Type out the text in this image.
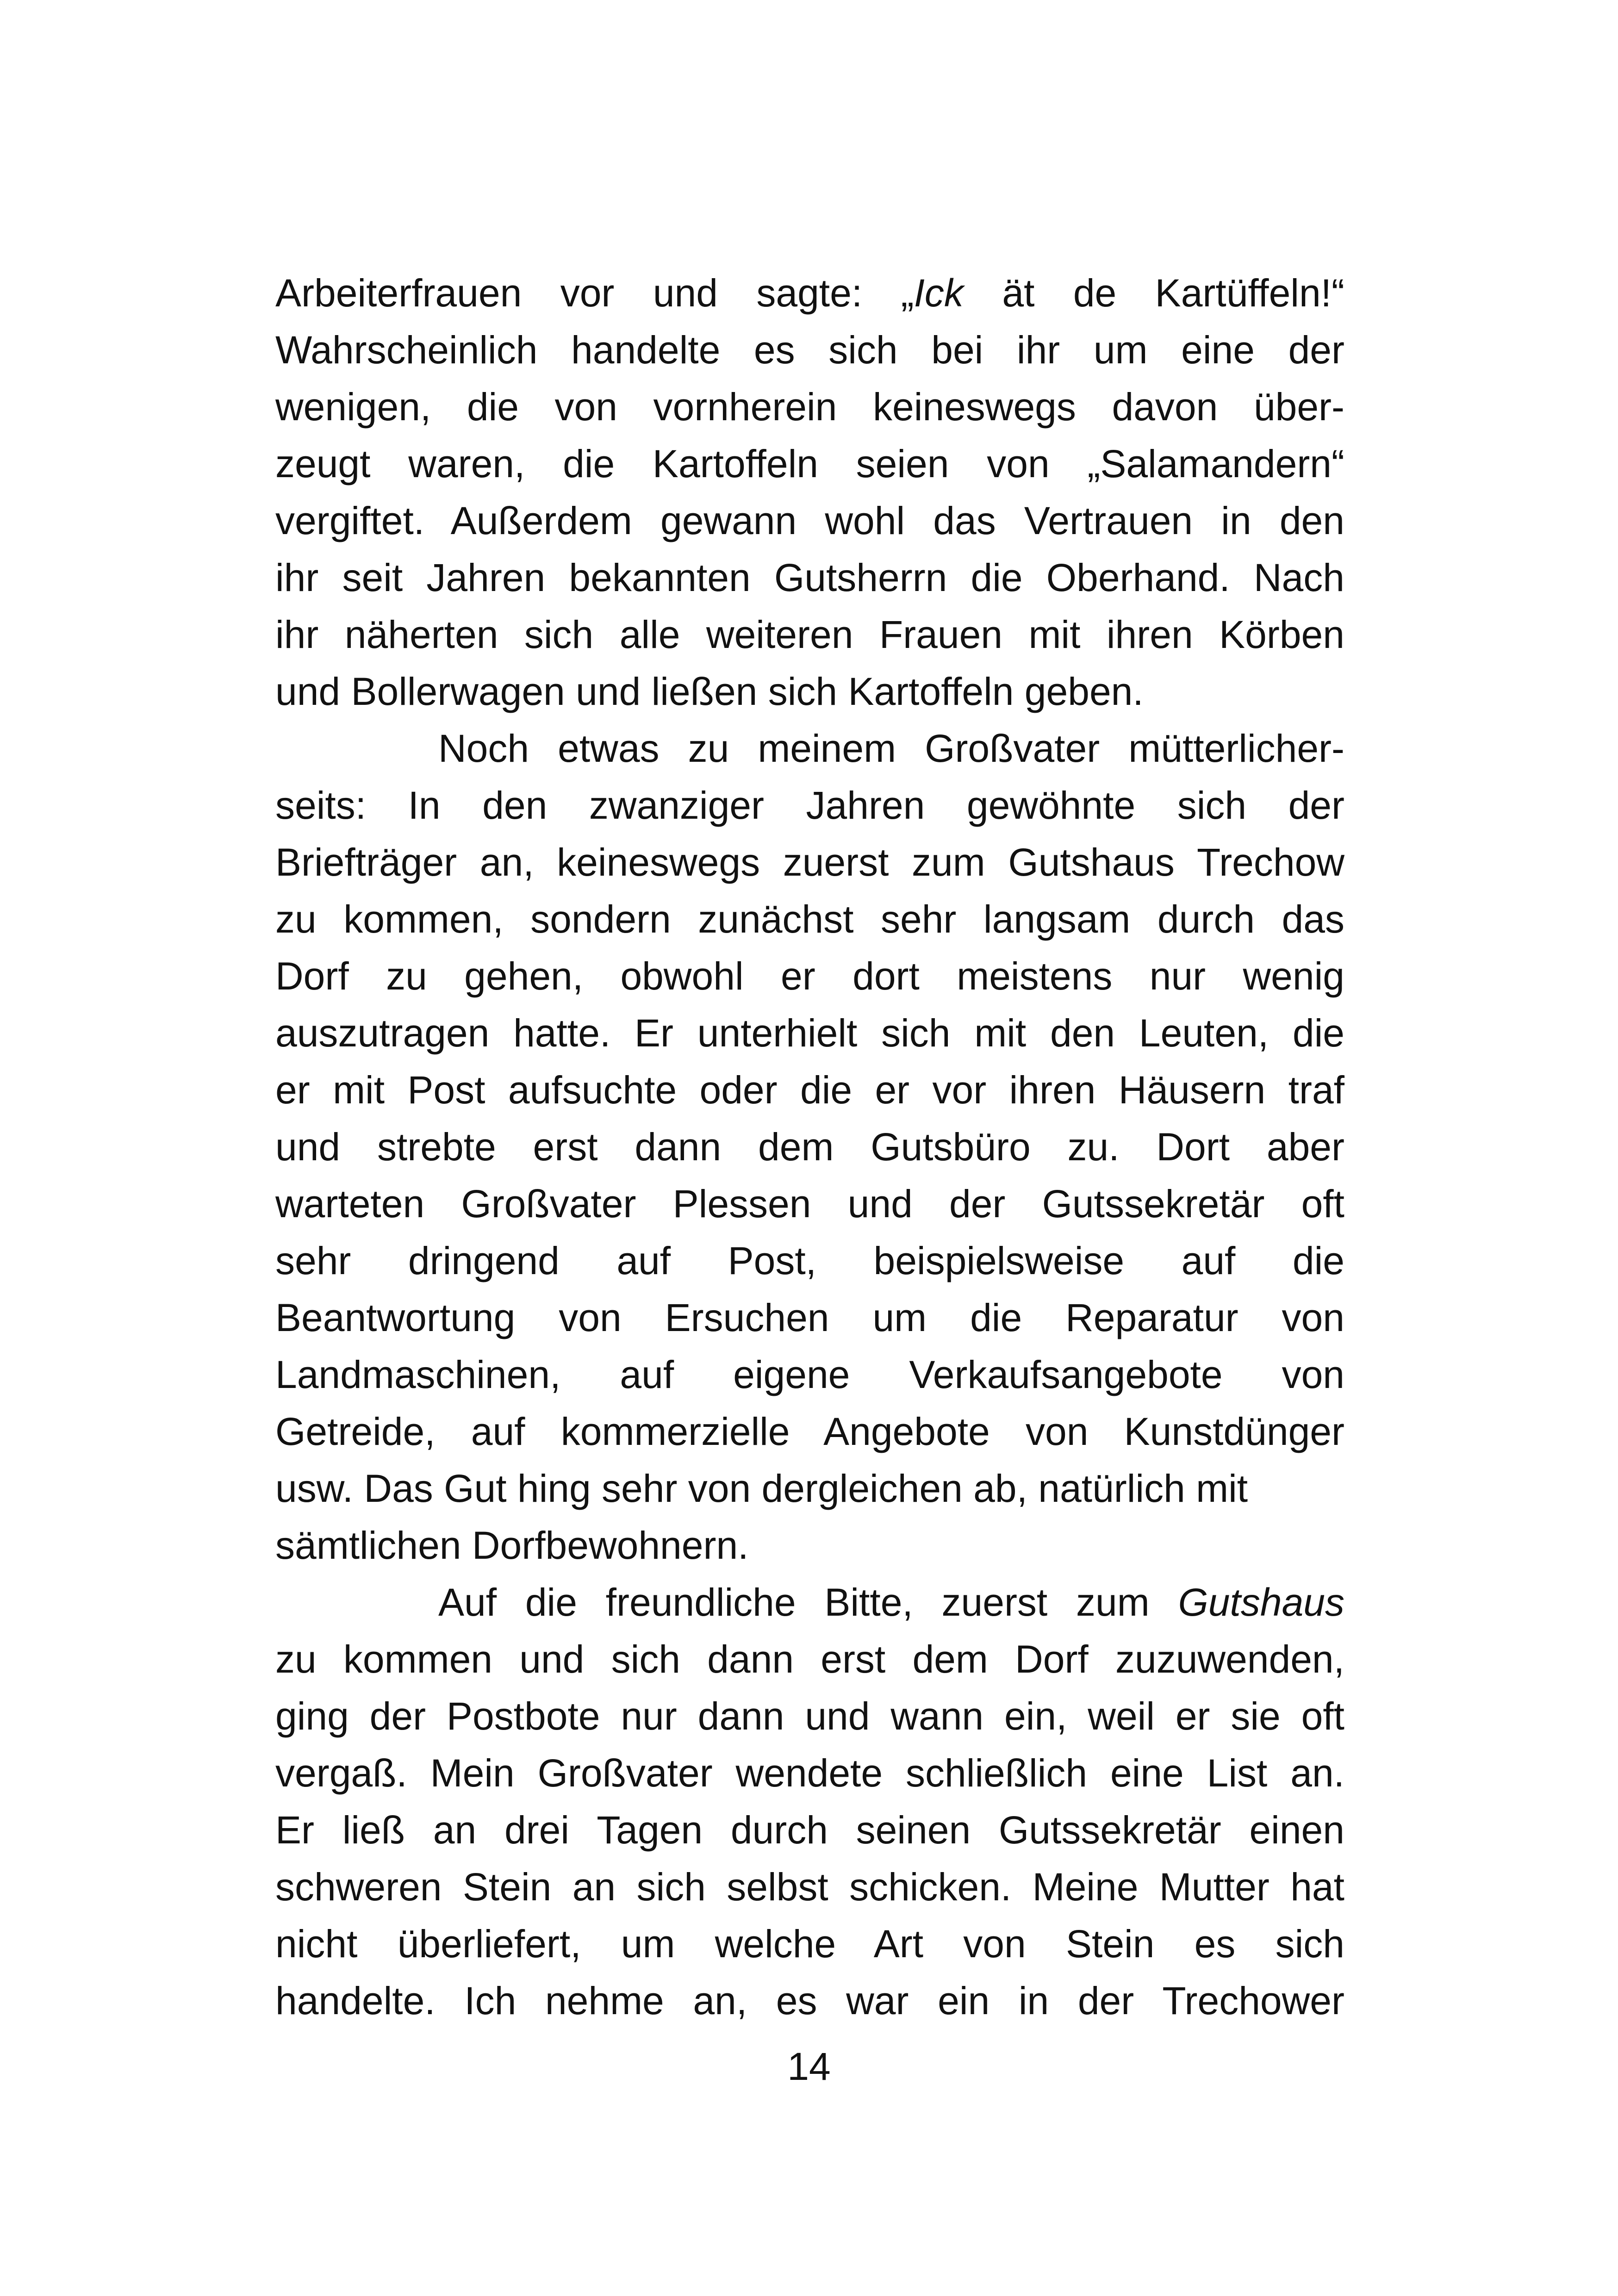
Arbeiterfrauen vor und sagte: „Ick ät de Kartüffeln!“
Wahrscheinlich handelte es sich bei ihr um eine der
wenigen, die von vornherein keineswegs davon über-
zeugt waren, die Kartoffeln seien von „Salamandern“
vergiftet. Außerdem gewann wohl das Vertrauen in den
ihr seit Jahren bekannten Gutsherrn die Oberhand. Nach
ihr näherten sich alle weiteren Frauen mit ihren Körben
und Bollerwagen und ließen sich Kartoffeln geben.
Noch etwas zu meinem Großvater mütterlicher-
seits: In den zwanziger Jahren gewöhnte sich der
Briefträger an, keineswegs zuerst zum Gutshaus Trechow
zu kommen, sondern zunächst sehr langsam durch das
Dorf zu gehen, obwohl er dort meistens nur wenig
auszutragen hatte. Er unterhielt sich mit den Leuten, die
er mit Post aufsuchte oder die er vor ihren Häusern traf
und strebte erst dann dem Gutsbüro zu. Dort aber
warteten Großvater Plessen und der Gutssekretär oft
sehr dringend auf Post, beispielsweise auf die
Beantwortung von Ersuchen um die Reparatur von
Landmaschinen, auf eigene Verkaufsangebote von
Getreide, auf kommerzielle Angebote von Kunstdünger
usw. Das Gut hing sehr von dergleichen ab, natürlich mit
sämtlichen Dorfbewohnern.
Auf die freundliche Bitte, zuerst zum Gutshaus
zu kommen und sich dann erst dem Dorf zuzuwenden,
ging der Postbote nur dann und wann ein, weil er sie oft
vergaß. Mein Großvater wendete schließlich eine List an.
Er ließ an drei Tagen durch seinen Gutssekretär einen
schweren Stein an sich selbst schicken. Meine Mutter hat
nicht überliefert, um welche Art von Stein es sich
handelte. Ich nehme an, es war ein in der Trechower
14
